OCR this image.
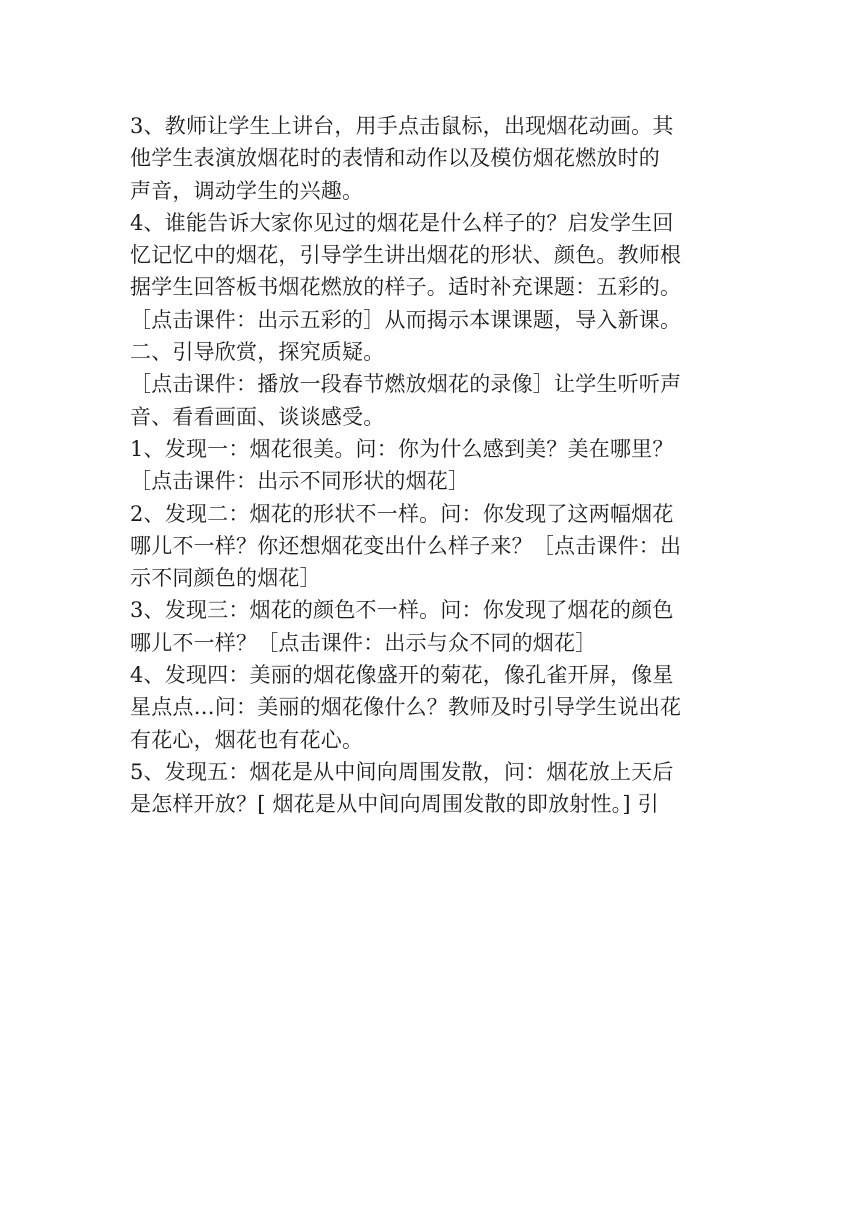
3、教师让学生上讲台，用手点击鼠标，出现烟花动画。其
他学生表演放烟花时的表情和动作以及模仿烟花燃放时的
声音，调动学生的兴趣。
4、谁能告诉大家你见过的烟花是什么样子的？启发学生回
忆记忆中的烟花，引导学生讲出烟花的形状、颜色。教师根
据学生回答板书烟花燃放的样子。适时补充课题：五彩的。
［点击课件：出示五彩的］从而揭示本课课题，导入新课。
二、引导欣赏，探究质疑。
［点击课件：播放一段春节燃放烟花的录像］让学生听听声
音、看看画面、谈谈感受。
1、发现一：烟花很美。问：你为什么感到美？美在哪里？
［点击课件：出示不同形状的烟花］
2、发现二：烟花的形状不一样。问：你发现了这两幅烟花
哪儿不一样？你还想烟花变出什么样子来？［点击课件：出
示不同颜色的烟花］
3、发现三：烟花的颜色不一样。问：你发现了烟花的颜色
哪儿不一样？［点击课件：出示与众不同的烟花］
4、发现四：美丽的烟花像盛开的菊花，像孔雀开屏，像星
星点点…问：美丽的烟花像什么？教师及时引导学生说出花
有花心，烟花也有花心。
5、发现五：烟花是从中间向周围发散，问：烟花放上天后
是怎样开放？[ 烟花是从中间向周围发散的即放射性。] 引
